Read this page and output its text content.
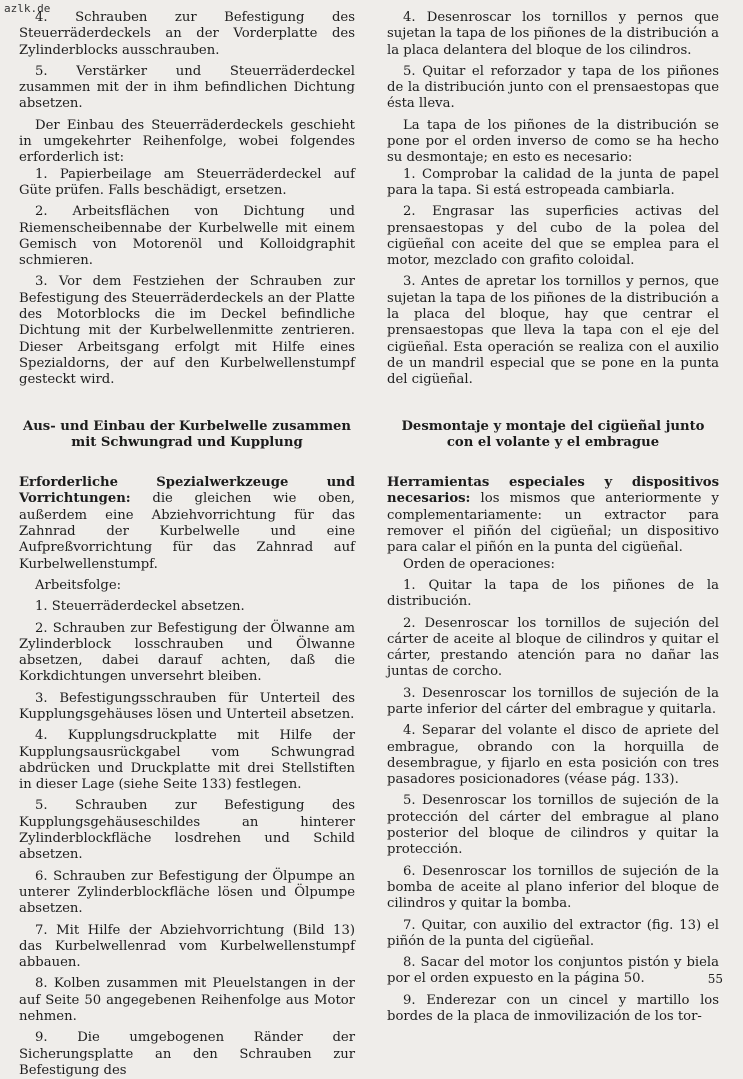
azlk.de

4. Schrauben zur Befestigung des Steuerräderdeckels an der Vorderplatte des Zylinderblocks ausschrauben.

5. Verstärker und Steuerräderdeckel zusammen mit der in ihm befindlichen Dichtung absetzen.

Der Einbau des Steuerräderdeckels geschieht in umgekehrter Reihenfolge, wobei folgendes erforderlich ist:

1. Papierbeilage am Steuerräderdeckel auf Güte prüfen. Falls beschädigt, ersetzen.

2. Arbeitsflächen von Dichtung und Riemenscheibennabe der Kurbelwelle mit einem Gemisch von Motorenöl und Kolloidgraphit schmieren.

3. Vor dem Festziehen der Schrauben zur Befestigung des Steuerräderdeckels an der Platte des Motorblocks die im Deckel befindliche Dichtung mit der Kurbelwellenmitte zentrieren. Dieser Arbeitsgang erfolgt mit Hilfe eines Spezialdorns, der auf den Kurbelwellenstumpf gesteckt wird.

Aus- und Einbau der Kurbelwelle zusammen mit Schwungrad und Kupplung

Erforderliche Spezialwerkzeuge und Vorrichtungen: die gleichen wie oben, außerdem eine Abziehvorrichtung für das Zahnrad der Kurbelwelle und eine Aufpreßvorrichtung für das Zahnrad auf Kurbelwellenstumpf.

Arbeitsfolge:

1. Steuerräderdeckel absetzen.

2. Schrauben zur Befestigung der Ölwanne am Zylinderblock losschrauben und Ölwanne absetzen, dabei darauf achten, daß die Korkdichtungen unversehrt bleiben.

3. Befestigungsschrauben für Unterteil des Kupplungsgehäuses lösen und Unterteil absetzen.

4. Kupplungsdruckplatte mit Hilfe der Kupplungsausrückgabel vom Schwungrad abdrücken und Druckplatte mit drei Stellstiften in dieser Lage (siehe Seite 133) festlegen.

5. Schrauben zur Befestigung des Kupplungsgehäuseschildes an hinterer Zylinderblockfläche losdrehen und Schild absetzen.

6. Schrauben zur Befestigung der Ölpumpe an unterer Zylinderblockfläche lösen und Ölpumpe absetzen.

7. Mit Hilfe der Abziehvorrichtung (Bild 13) das Kurbelwellenrad vom Kurbelwellenstumpf abbauen.

8. Kolben zusammen mit Pleuelstangen in der auf Seite 50 angegebenen Reihenfolge aus Motor nehmen.

9. Die umgebogenen Ränder der Sicherungsplatte an den Schrauben zur Befestigung des

4. Desenroscar los tornillos y pernos que sujetan la tapa de los piñones de la distribución a la placa delantera del bloque de los cilindros.

5. Quitar el reforzador y tapa de los piñones de la distribución junto con el prensaestopas que ésta lleva.

La tapa de los piñones de la distribución se pone por el orden inverso de como se ha hecho su desmontaje; en esto es necesario:

1. Comprobar la calidad de la junta de papel para la tapa. Si está estropeada cambiarla.

2. Engrasar las superficies activas del prensaestopas y del cubo de la polea del cigüeñal con aceite del que se emplea para el motor, mezclado con grafito coloidal.

3. Antes de apretar los tornillos y pernos, que sujetan la tapa de los piñones de la distribución a la placa del bloque, hay que centrar el prensaestopas que lleva la tapa con el eje del cigüeñal. Esta operación se realiza con el auxilio de un mandril especial que se pone en la punta del cigüeñal.

Desmontaje y montaje del cigüeñal junto con el volante y el embrague

Herramientas especiales y dispositivos necesarios: los mismos que anteriormente y complementariamente: un extractor para remover el piñón del cigüeñal; un dispositivo para calar el piñón en la punta del cigüeñal.

Orden de operaciones:

1. Quitar la tapa de los piñones de la distribución.

2. Desenroscar los tornillos de sujeción del cárter de aceite al bloque de cilindros y quitar el cárter, prestando atención para no dañar las juntas de corcho.

3. Desenroscar los tornillos de sujeción de la parte inferior del cárter del embrague y quitarla.

4. Separar del volante el disco de apriete del embrague, obrando con la horquilla de desembrague, y fijarlo en esta posición con tres pasadores posicionadores (véase pág. 133).

5. Desenroscar los tornillos de sujeción de la protección del cárter del embrague al plano posterior del bloque de cilindros y quitar la protección.

6. Desenroscar los tornillos de sujeción de la bomba de aceite al plano inferior del bloque de cilindros y quitar la bomba.

7. Quitar, con auxilio del extractor (fig. 13) el piñón de la punta del cigüeñal.

8. Sacar del motor los conjuntos pistón y biela por el orden expuesto en la página 50.

9. Enderezar con un cincel y martillo los bordes de la placa de inmovilización de los tor-

55
